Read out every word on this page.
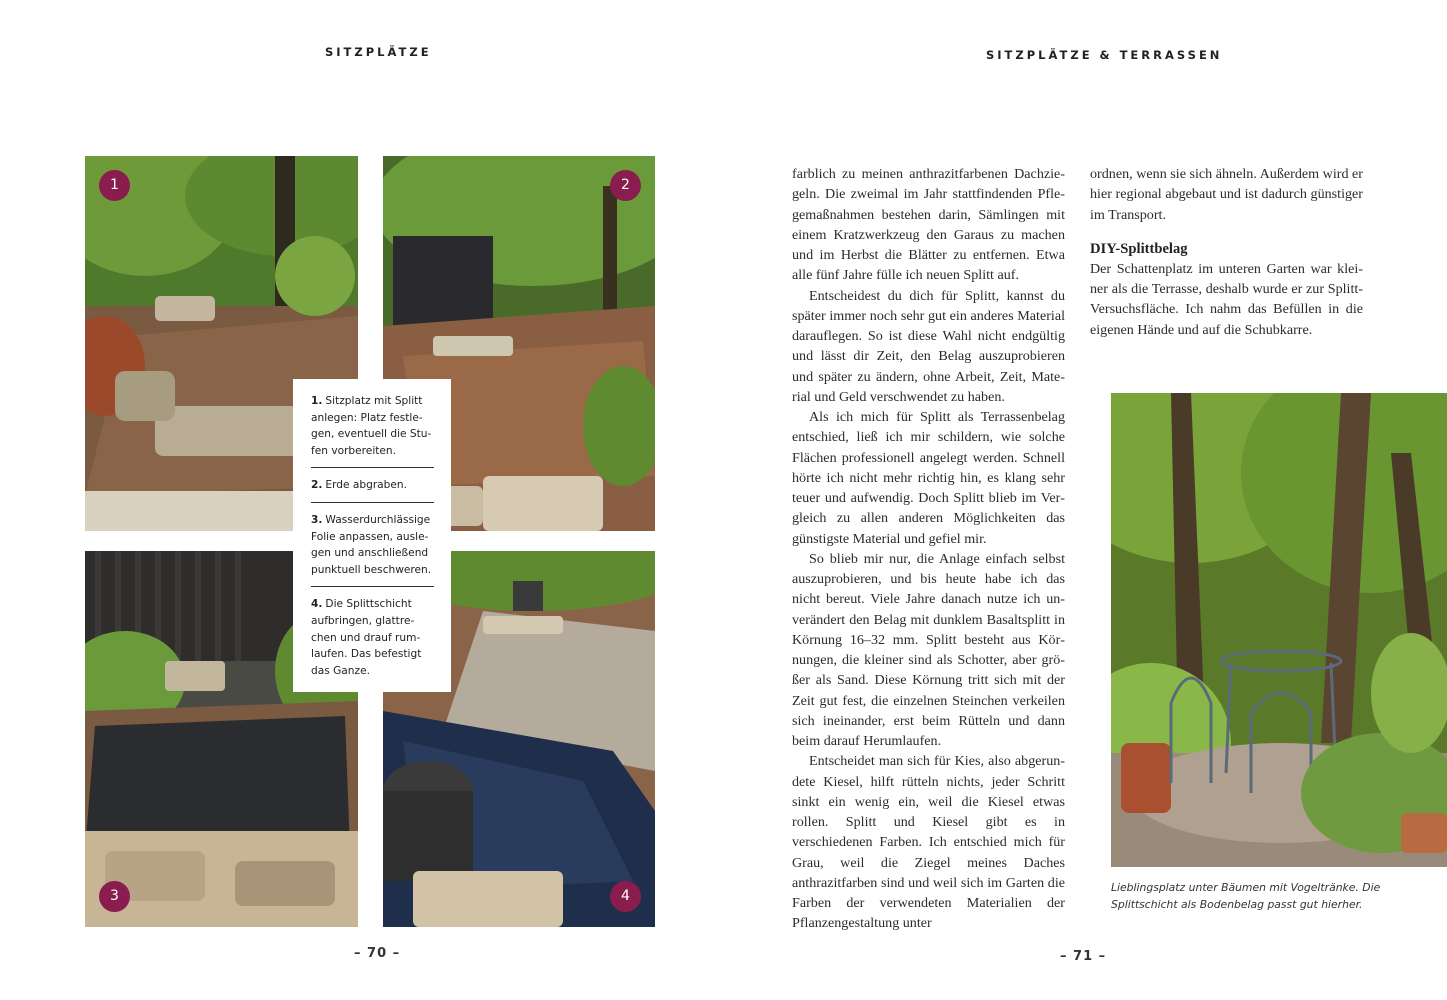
SITZPLÄTZE	SITZPLÄTZE & TERRASSEN
1	2
3	4
1. Sitzplatz mit Splitt anlegen: Platz festlegen, eventuell die Stufen vorbereiten.
2. Erde abgraben.
3. Wasserdurchlässige Folie anpassen, auslegen und anschließend punktuell beschweren.
4. Die Splittschicht aufbringen, glattrechen und drauf rumlaufen. Das befestigt das Ganze.
– 70 –

farblich zu meinen anthrazitfarbenen Dachziegeln. Die zweimal im Jahr stattfindenden Pflegemaßnahmen bestehen darin, Sämlingen mit einem Kratzwerkzeug den Garaus zu machen und im Herbst die Blätter zu entfernen. Etwa alle fünf Jahre fülle ich neuen Splitt auf.

Entscheidest du dich für Splitt, kannst du später immer noch sehr gut ein anderes Material darauflegen. So ist diese Wahl nicht endgültig und lässt dir Zeit, den Belag auszuprobieren und später zu ändern, ohne Arbeit, Zeit, Material und Geld verschwendet zu haben.

Als ich mich für Splitt als Terrassenbelag entschied, ließ ich mir schildern, wie solche Flächen professionell angelegt werden. Schnell hörte ich nicht mehr richtig hin, es klang sehr teuer und aufwendig. Doch Splitt blieb im Vergleich zu allen anderen Möglichkeiten das günstigste Material und gefiel mir.

So blieb mir nur, die Anlage einfach selbst auszuprobieren, und bis heute habe ich das nicht bereut. Viele Jahre danach nutze ich unverändert den Belag mit dunklem Basaltsplitt in Körnung 16–32 mm. Splitt besteht aus Körnungen, die kleiner sind als Schotter, aber größer als Sand. Diese Körnung tritt sich mit der Zeit gut fest, die einzelnen Steinchen verkeilen sich ineinander, erst beim Rütteln und dann beim darauf Herumlaufen.

Entscheidet man sich für Kies, also abgerundete Kiesel, hilft rütteln nichts, jeder Schritt sinkt ein wenig ein, weil die Kiesel etwas rollen. Splitt und Kiesel gibt es in verschiedenen Farben. Ich entschied mich für Grau, weil die Ziegel meines Daches anthrazitfarben sind und weil sich im Garten die Farben der verwendeten Materialien der Pflanzengestaltung unter

ordnen, wenn sie sich ähneln. Außerdem wird er hier regional abgebaut und ist dadurch günstiger im Transport.

DIY-Splittbelag

Der Schattenplatz im unteren Garten war kleiner als die Terrasse, deshalb wurde er zur Splitt-Versuchsfläche. Ich nahm das Befüllen in die eigenen Hände und auf die Schubkarre.

Lieblingsplatz unter Bäumen mit Vogeltränke. Die Splittschicht als Bodenbelag passt gut hierher.
– 71 –
